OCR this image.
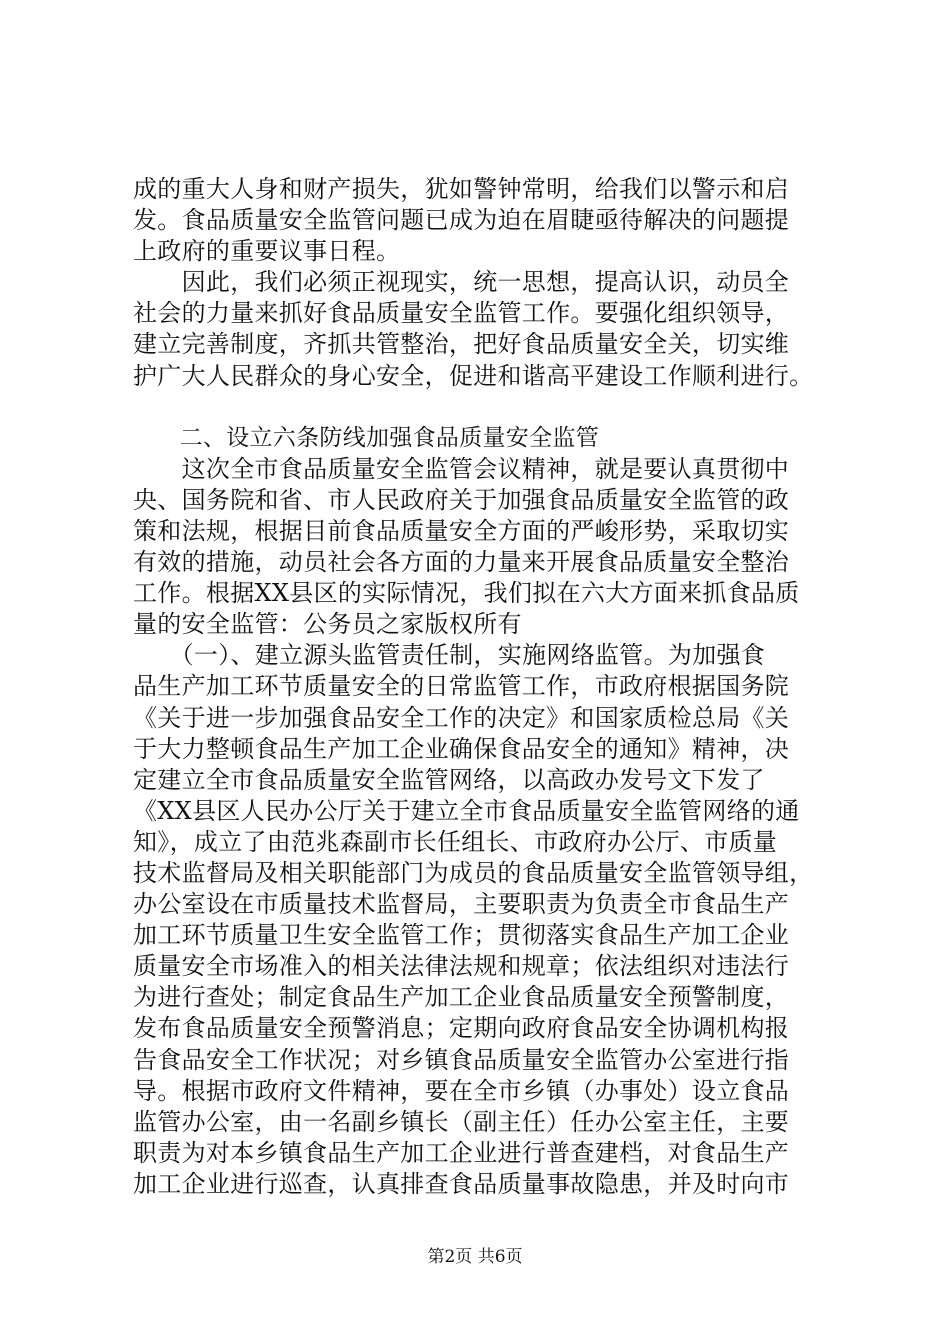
成的重大人身和财产损失，犹如警钟常明，给我们以警示和启
发。食品质量安全监管问题已成为迫在眉睫亟待解决的问题提
上政府的重要议事日程。
　　因此，我们必须正视现实，统一思想，提高认识，动员全
社会的力量来抓好食品质量安全监管工作。要强化组织领导，
建立完善制度，齐抓共管整治，把好食品质量安全关，切实维
护广大人民群众的身心安全，促进和谐高平建设工作顺利进行。
　　二、设立六条防线加强食品质量安全监管
　　这次全市食品质量安全监管会议精神，就是要认真贯彻中
央、国务院和省、市人民政府关于加强食品质量安全监管的政
策和法规，根据目前食品质量安全方面的严峻形势，采取切实
有效的措施，动员社会各方面的力量来开展食品质量安全整治
工作。根据XX县区的实际情况，我们拟在六大方面来抓食品质
量的安全监管：公务员之家版权所有
　　（一）、建立源头监管责任制，实施网络监管。为加强食
品生产加工环节质量安全的日常监管工作，市政府根据国务院
《关于进一步加强食品安全工作的决定》和国家质检总局《关
于大力整顿食品生产加工企业确保食品安全的通知》精神，决
定建立全市食品质量安全监管网络，以高政办发号文下发了
《XX县区人民办公厅关于建立全市食品质量安全监管网络的通
知》，成立了由范兆森副市长任组长、市政府办公厅、市质量
技术监督局及相关职能部门为成员的食品质量安全监管领导组，
办公室设在市质量技术监督局，主要职责为负责全市食品生产
加工环节质量卫生安全监管工作；贯彻落实食品生产加工企业
质量安全市场准入的相关法律法规和规章；依法组织对违法行
为进行查处；制定食品生产加工企业食品质量安全预警制度，
发布食品质量安全预警消息；定期向政府食品安全协调机构报
告食品安全工作状况；对乡镇食品质量安全监管办公室进行指
导。根据市政府文件精神，要在全市乡镇（办事处）设立食品
监管办公室，由一名副乡镇长（副主任）任办公室主任，主要
职责为对本乡镇食品生产加工企业进行普查建档，对食品生产
加工企业进行巡查，认真排查食品质量事故隐患，并及时向市
第2页 共6页
